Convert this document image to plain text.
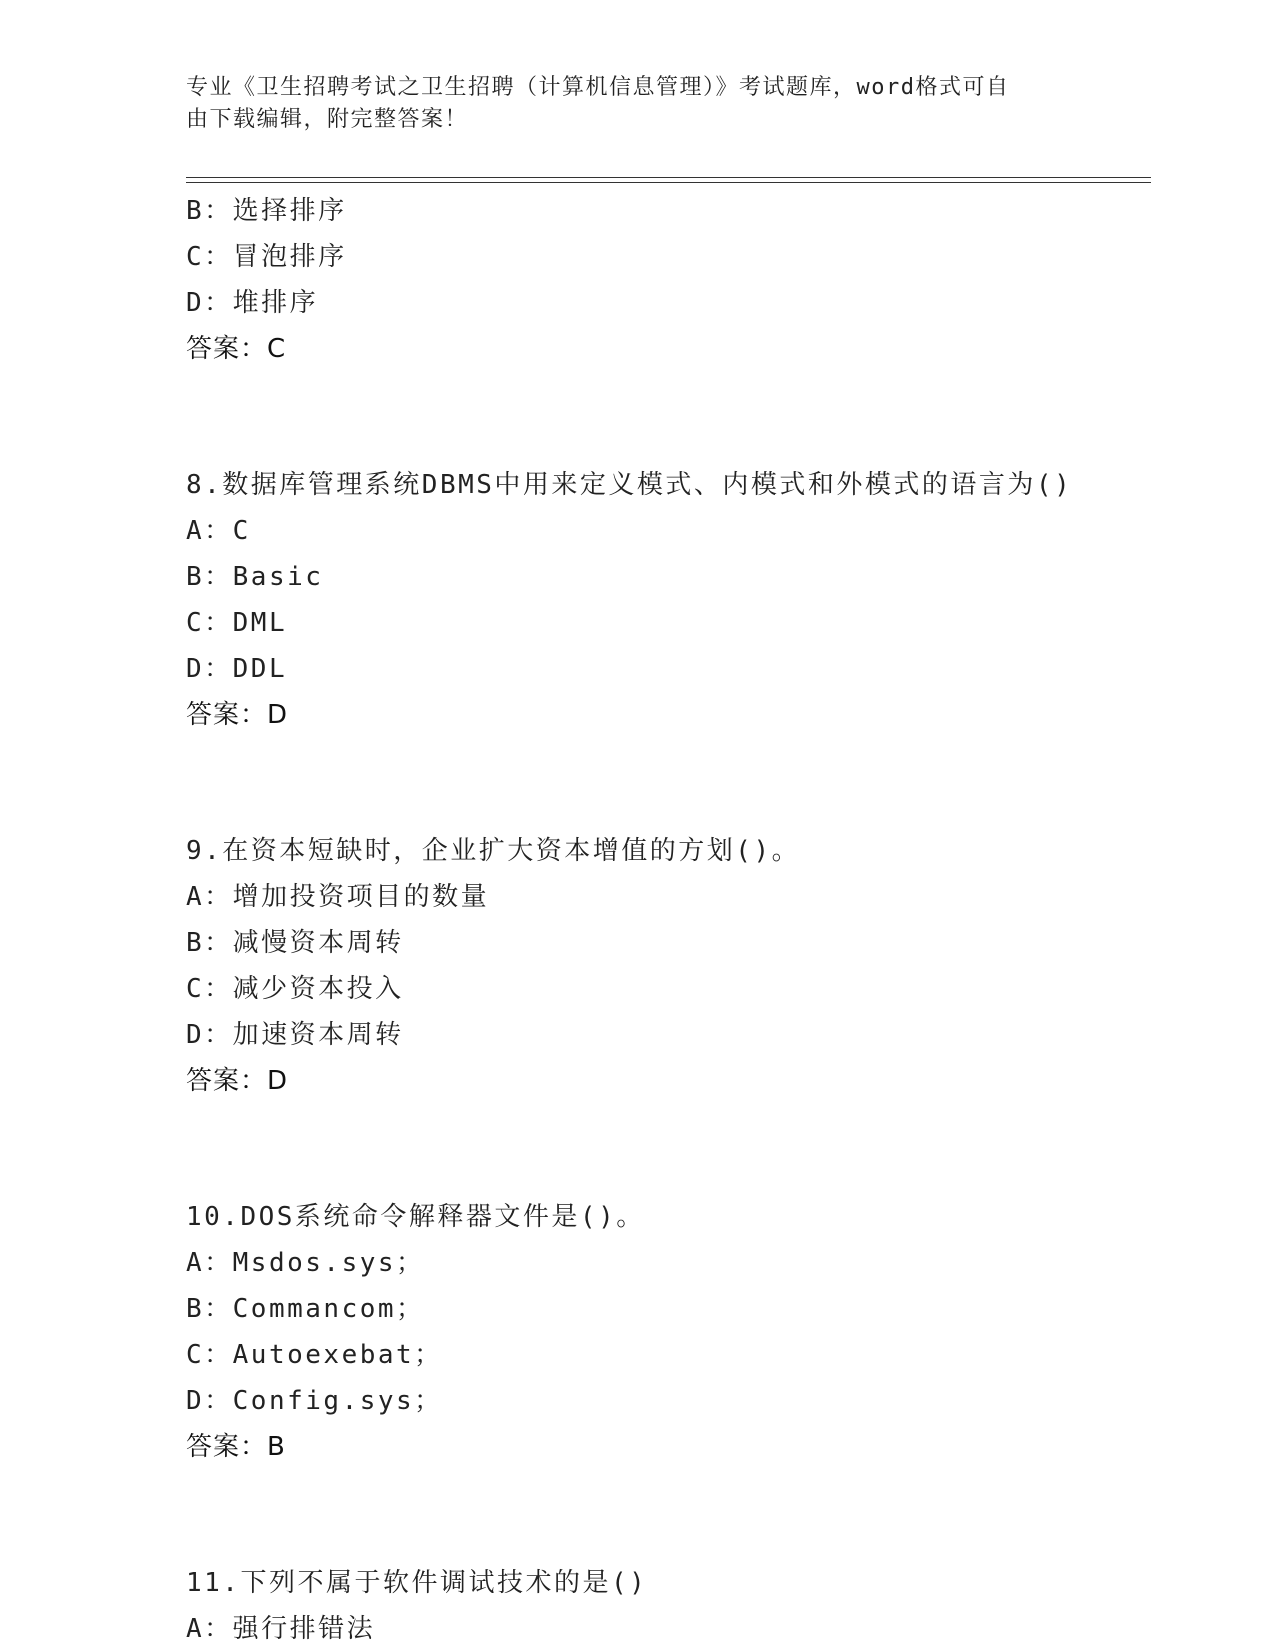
专业《卫生招聘考试之卫生招聘（计算机信息管理）》考试题库，word格式可自
由下载编辑，附完整答案！
B：选择排序
C：冒泡排序
D：堆排序
答案：C
8.数据库管理系统DBMS中用来定义模式、内模式和外模式的语言为()
A：C
B：Basic
C：DML
D：DDL
答案：D
9.在资本短缺时，企业扩大资本增值的方划()。
A：增加投资项目的数量
B：减慢资本周转
C：减少资本投入
D：加速资本周转
答案：D
10.DOS系统命令解释器文件是()。
A：Msdos.sys；
B：Commancom；
C：Autoexebat；
D：Config.sys；
答案：B
11.下列不属于软件调试技术的是()
A：强行排错法
